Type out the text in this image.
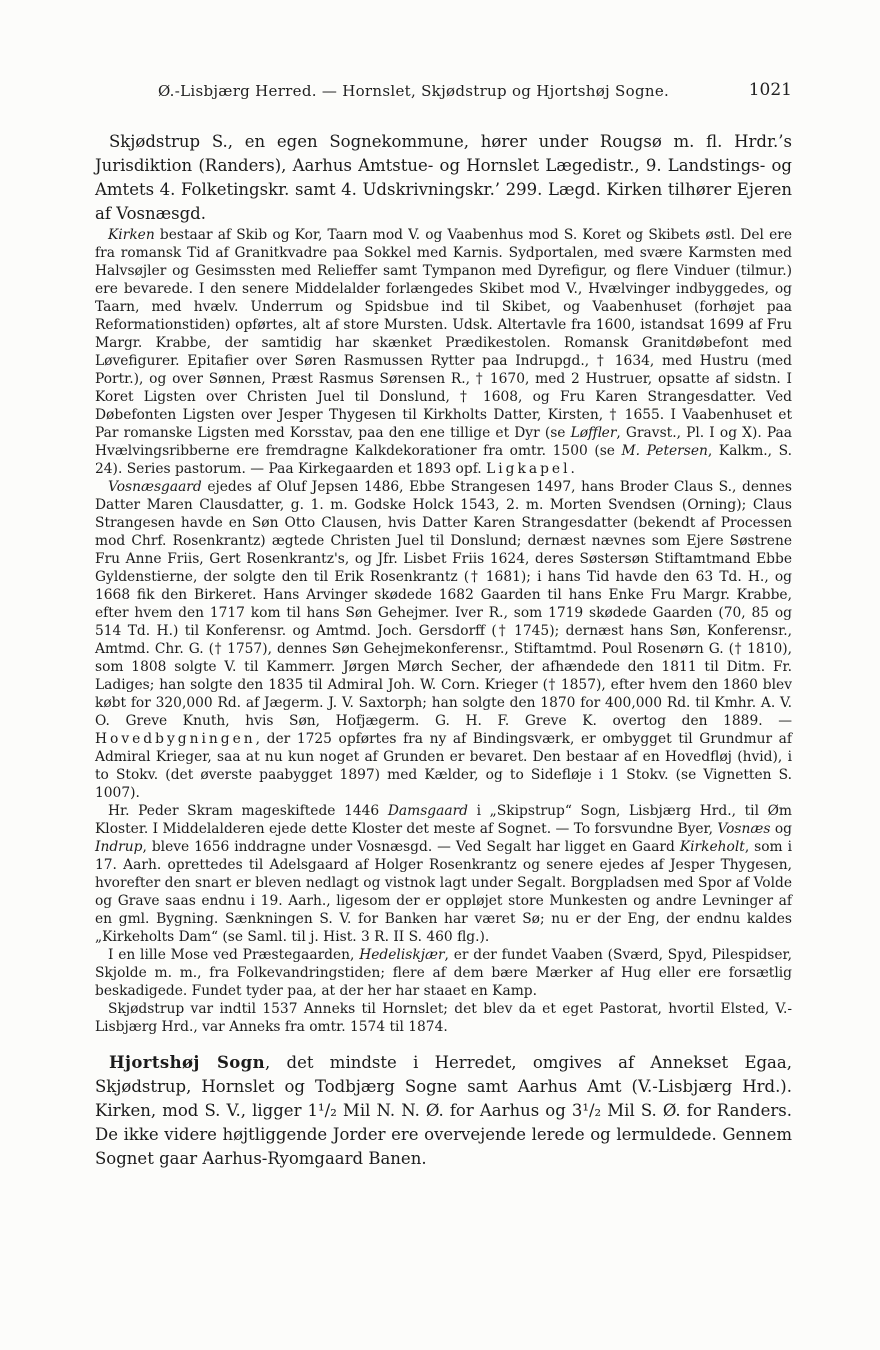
Ø.-Lisbjærg Herred. — Hornslet, Skjødstrup og Hjortshøj Sogne.	1021

Skjødstrup S., en egen Sognekommune, hører under Rougsø m. fl. Hrdr.’s Jurisdiktion (Randers), Aarhus Amtstue- og Hornslet Lægedistr., 9. Landstings- og Amtets 4. Folketingskr. samt 4. Udskrivningskr.’ 299. Lægd. Kirken tilhører Ejeren af Vosnæsgd.

Kirken bestaar af Skib og Kor, Taarn mod V. og Vaabenhus mod S. Koret og Skibets østl. Del ere fra romansk Tid af Granitkvadre paa Sokkel med Karnis. Sydportalen, med svære Karmsten med Halvsøjler og Gesimssten med Relieffer samt Tympanon med Dyrefigur, og flere Vinduer (tilmur.) ere bevarede. I den senere Middelalder forlængedes Skibet mod V., Hvælvinger indbyggedes, og Taarn, med hvælv. Underrum og Spidsbue ind til Skibet, og Vaabenhuset (forhøjet paa Reformationstiden) opførtes, alt af store Mursten. Udsk. Altertavle fra 1600, istandsat 1699 af Fru Margr. Krabbe, der samtidig har skænket Prædikestolen. Romansk Granitdøbefont med Løvefigurer. Epitafier over Søren Rasmussen Rytter paa Indrupgd., † 1634, med Hustru (med Portr.), og over Sønnen, Præst Rasmus Sørensen R., † 1670, med 2 Hustruer, opsatte af sidstn. I Koret Ligsten over Christen Juel til Donslund, † 1608, og Fru Karen Strangesdatter. Ved Døbefonten Ligsten over Jesper Thygesen til Kirkholts Datter, Kirsten, † 1655. I Vaabenhuset et Par romanske Ligsten med Korsstav, paa den ene tillige et Dyr (se Løffler, Gravst., Pl. I og X). Paa Hvælvingsribberne ere fremdragne Kalkdekorationer fra omtr. 1500 (se M. Petersen, Kalkm., S. 24). Series pastorum. — Paa Kirkegaarden et 1893 opf. Ligkapel.

Vosnæsgaard ejedes af Oluf Jepsen 1486, Ebbe Strangesen 1497, hans Broder Claus S., dennes Datter Maren Clausdatter, g. 1. m. Godske Holck 1543, 2. m. Morten Svendsen (Orning); Claus Strangesen havde en Søn Otto Clausen, hvis Datter Karen Strangesdatter (bekendt af Processen mod Chrf. Rosenkrantz) ægtede Christen Juel til Donslund; dernæst nævnes som Ejere Søstrene Fru Anne Friis, Gert Rosenkrantz's, og Jfr. Lisbet Friis 1624, deres Søstersøn Stiftamtmand Ebbe Gyldenstierne, der solgte den til Erik Rosenkrantz († 1681); i hans Tid havde den 63 Td. H., og 1668 fik den Birkeret. Hans Arvinger skødede 1682 Gaarden til hans Enke Fru Margr. Krabbe, efter hvem den 1717 kom til hans Søn Gehejmer. Iver R., som 1719 skødede Gaarden (70, 85 og 514 Td. H.) til Konferensr. og Amtmd. Joch. Gersdorff († 1745); dernæst hans Søn, Konferensr., Amtmd. Chr. G. († 1757), dennes Søn Gehejmekonferensr., Stiftamtmd. Poul Rosenørn G. († 1810), som 1808 solgte V. til Kammerr. Jørgen Mørch Secher, der afhændede den 1811 til Ditm. Fr. Ladiges; han solgte den 1835 til Admiral Joh. W. Corn. Krieger († 1857), efter hvem den 1860 blev købt for 320,000 Rd. af Jægerm. J. V. Saxtorph; han solgte den 1870 for 400,000 Rd. til Kmhr. A. V. O. Greve Knuth, hvis Søn, Hofjægerm. G. H. F. Greve K. overtog den 1889. — Hovedbygningen, der 1725 opførtes fra ny af Bindingsværk, er ombygget til Grundmur af Admiral Krieger, saa at nu kun noget af Grunden er bevaret. Den bestaar af en Hovedfløj (hvid), i to Stokv. (det øverste paabygget 1897) med Kælder, og to Sidefløje i 1 Stokv. (se Vignetten S. 1007).

Hr. Peder Skram mageskiftede 1446 Damsgaard i „Skipstrup“ Sogn, Lisbjærg Hrd., til Øm Kloster. I Middelalderen ejede dette Kloster det meste af Sognet. — To forsvundne Byer, Vosnæs og Indrup, bleve 1656 inddragne under Vosnæsgd. — Ved Segalt har ligget en Gaard Kirkeholt, som i 17. Aarh. oprettedes til Adelsgaard af Holger Rosenkrantz og senere ejedes af Jesper Thygesen, hvorefter den snart er bleven nedlagt og vistnok lagt under Segalt. Borgpladsen med Spor af Volde og Grave saas endnu i 19. Aarh., ligesom der er oppløjet store Munkesten og andre Levninger af en gml. Bygning. Sænkningen S. V. for Banken har været Sø; nu er der Eng, der endnu kaldes „Kirkeholts Dam“ (se Saml. til j. Hist. 3 R. II S. 460 flg.).

I en lille Mose ved Præstegaarden, Hedeliskjær, er der fundet Vaaben (Sværd, Spyd, Pilespidser, Skjolde m. m., fra Folkevandringstiden; flere af dem bære Mærker af Hug eller ere forsætlig beskadigede. Fundet tyder paa, at der her har staaet en Kamp.

Skjødstrup var indtil 1537 Anneks til Hornslet; det blev da et eget Pastorat, hvortil Elsted, V.-Lisbjærg Hrd., var Anneks fra omtr. 1574 til 1874.

Hjortshøj Sogn, det mindste i Herredet, omgives af Annekset Egaa, Skjødstrup, Hornslet og Todbjærg Sogne samt Aarhus Amt (V.-Lisbjærg Hrd.). Kirken, mod S. V., ligger 1¹/₂ Mil N. N. Ø. for Aarhus og 3¹/₂ Mil S. Ø. for Randers. De ikke videre højtliggende Jorder ere overvejende lerede og lermuldede. Gennem Sognet gaar Aarhus-Ryomgaard Banen.
